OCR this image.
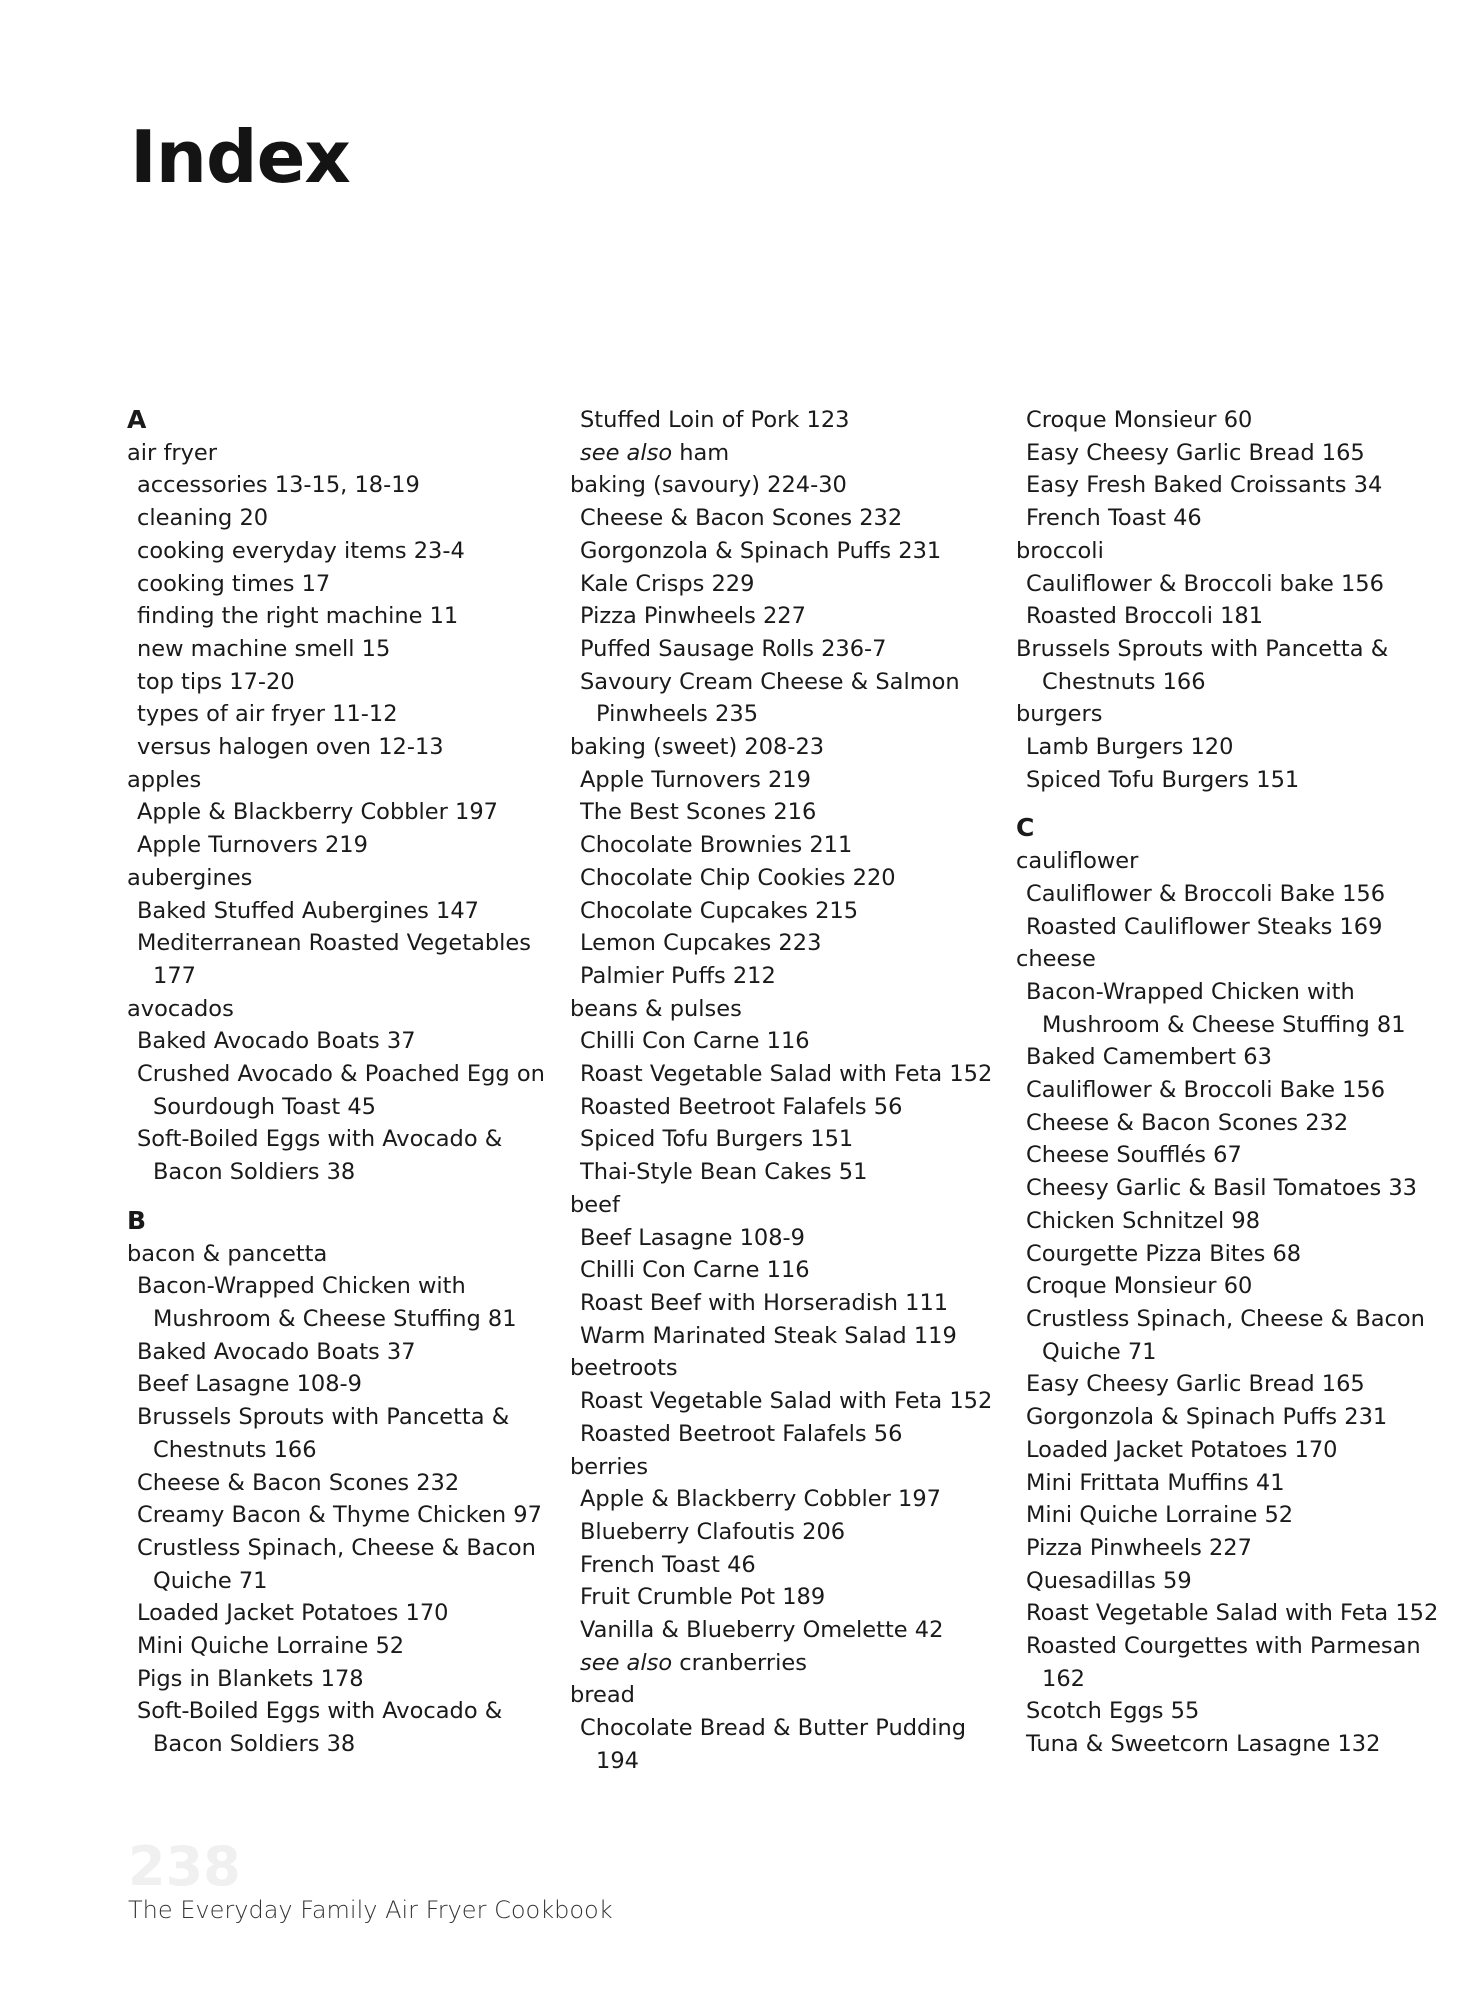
Index
A
air fryer
accessories 13-15, 18-19
cleaning 20
cooking everyday items 23-4
cooking times 17
finding the right machine 11
new machine smell 15
top tips 17-20
types of air fryer 11-12
versus halogen oven 12-13
apples
Apple & Blackberry Cobbler 197
Apple Turnovers 219
aubergines
Baked Stuffed Aubergines 147
Mediterranean Roasted Vegetables
177
avocados
Baked Avocado Boats 37
Crushed Avocado & Poached Egg on
Sourdough Toast 45
Soft-Boiled Eggs with Avocado &
Bacon Soldiers 38
B
bacon & pancetta
Bacon-Wrapped Chicken with
Mushroom & Cheese Stuffing 81
Baked Avocado Boats 37
Beef Lasagne 108-9
Brussels Sprouts with Pancetta &
Chestnuts 166
Cheese & Bacon Scones 232
Creamy Bacon & Thyme Chicken 97
Crustless Spinach, Cheese & Bacon
Quiche 71
Loaded Jacket Potatoes 170
Mini Quiche Lorraine 52
Pigs in Blankets 178
Soft-Boiled Eggs with Avocado &
Bacon Soldiers 38
Stuffed Loin of Pork 123
see also ham
baking (savoury) 224-30
Cheese & Bacon Scones 232
Gorgonzola & Spinach Puffs 231
Kale Crisps 229
Pizza Pinwheels 227
Puffed Sausage Rolls 236-7
Savoury Cream Cheese & Salmon
Pinwheels 235
baking (sweet) 208-23
Apple Turnovers 219
The Best Scones 216
Chocolate Brownies 211
Chocolate Chip Cookies 220
Chocolate Cupcakes 215
Lemon Cupcakes 223
Palmier Puffs 212
beans & pulses
Chilli Con Carne 116
Roast Vegetable Salad with Feta 152
Roasted Beetroot Falafels 56
Spiced Tofu Burgers 151
Thai-Style Bean Cakes 51
beef
Beef Lasagne 108-9
Chilli Con Carne 116
Roast Beef with Horseradish 111
Warm Marinated Steak Salad 119
beetroots
Roast Vegetable Salad with Feta 152
Roasted Beetroot Falafels 56
berries
Apple & Blackberry Cobbler 197
Blueberry Clafoutis 206
French Toast 46
Fruit Crumble Pot 189
Vanilla & Blueberry Omelette 42
see also cranberries
bread
Chocolate Bread & Butter Pudding
194
Croque Monsieur 60
Easy Cheesy Garlic Bread 165
Easy Fresh Baked Croissants 34
French Toast 46
broccoli
Cauliflower & Broccoli bake 156
Roasted Broccoli 181
Brussels Sprouts with Pancetta &
Chestnuts 166
burgers
Lamb Burgers 120
Spiced Tofu Burgers 151
C
cauliflower
Cauliflower & Broccoli Bake 156
Roasted Cauliflower Steaks 169
cheese
Bacon-Wrapped Chicken with
Mushroom & Cheese Stuffing 81
Baked Camembert 63
Cauliflower & Broccoli Bake 156
Cheese & Bacon Scones 232
Cheese Soufflés 67
Cheesy Garlic & Basil Tomatoes 33
Chicken Schnitzel 98
Courgette Pizza Bites 68
Croque Monsieur 60
Crustless Spinach, Cheese & Bacon
Quiche 71
Easy Cheesy Garlic Bread 165
Gorgonzola & Spinach Puffs 231
Loaded Jacket Potatoes 170
Mini Frittata Muffins 41
Mini Quiche Lorraine 52
Pizza Pinwheels 227
Quesadillas 59
Roast Vegetable Salad with Feta 152
Roasted Courgettes with Parmesan
162
Scotch Eggs 55
Tuna & Sweetcorn Lasagne 132

238

The Everyday Family Air Fryer Cookbook
